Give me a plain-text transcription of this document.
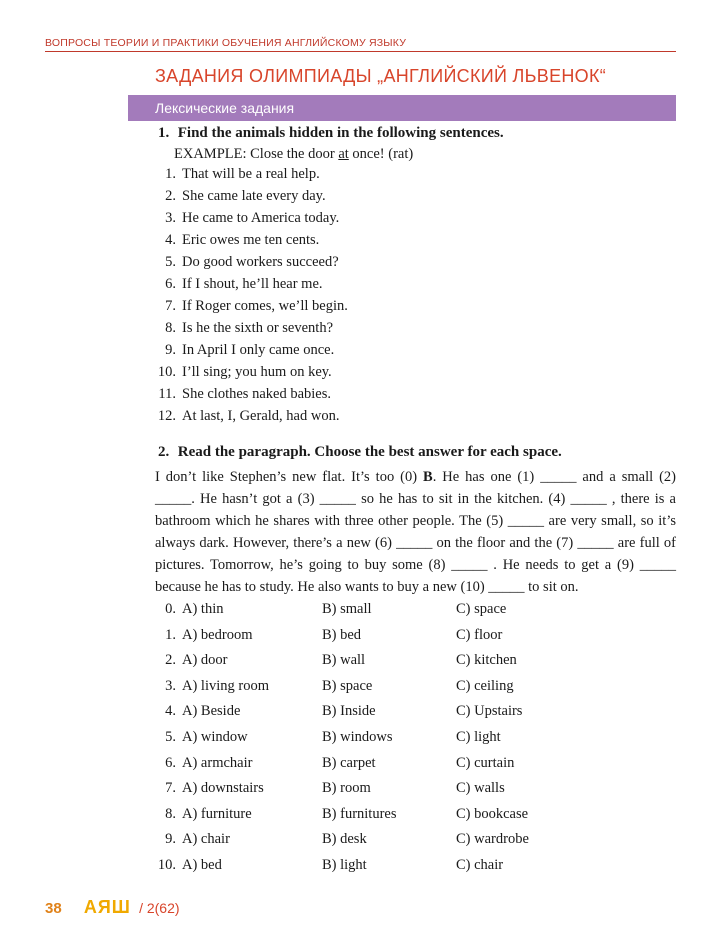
ВОПРОСЫ ТЕОРИИ И ПРАКТИКИ ОБУЧЕНИЯ АНГЛИЙСКОМУ ЯЗЫКУ
ЗАДАНИЯ ОЛИМПИАДЫ „АНГЛИЙСКИЙ ЛЬВЕНОК“
Лексические задания
1. Find the animals hidden in the following sentences.
EXAMPLE: Close the door at once! (rat)
1. That will be a real help.
2. She came late every day.
3. He came to America today.
4. Eric owes me ten cents.
5. Do good workers succeed?
6. If I shout, he’ll hear me.
7. If Roger comes, we’ll begin.
8. Is he the sixth or seventh?
9. In April I only came once.
10. I’ll sing; you hum on key.
11. She clothes naked babies.
12. At last, I, Gerald, had won.
2. Read the paragraph. Choose the best answer for each space.
I don’t like Stephen’s new flat. It’s too (0) B. He has one (1) _____ and a small (2) _____. He hasn’t got a (3) _____ so he has to sit in the kitchen. (4) _____ , there is a bathroom which he shares with three other people. The (5) _____ are very small, so it’s always dark. However, there’s a new (6) _____ on the floor and the (7) _____ are full of pictures. Tomorrow, he’s going to buy some (8) _____ . He needs to get a (9) _____ because he has to study. He also wants to buy a new (10) _____ to sit on.
0. A) thin	B) small	C) space
1. A) bedroom	B) bed	C) floor
2. A) door	B) wall	C) kitchen
3. A) living room	B) space	C) ceiling
4. A) Beside	B) Inside	C) Upstairs
5. A) window	B) windows	C) light
6. A) armchair	B) carpet	C) curtain
7. A) downstairs	B) room	C) walls
8. A) furniture	B) furnitures	C) bookcase
9. A) chair	B) desk	C) wardrobe
10. A) bed	B) light	C) chair
38 АЯШ / 2(62)
